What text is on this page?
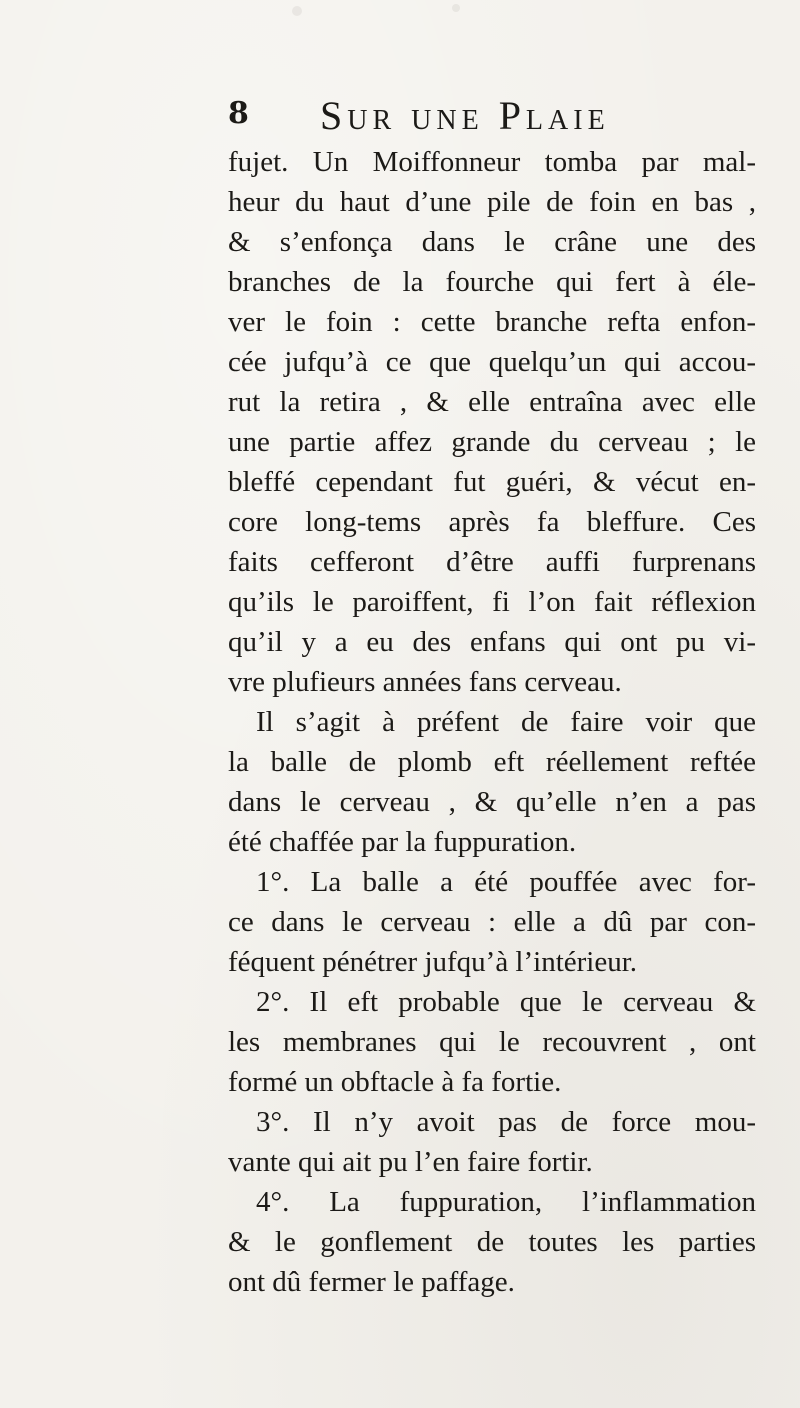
8 Sur une Plaie
fujet. Un Moiffonneur tomba par mal-
heur du haut d’une pile de foin en bas ,
& s’enfonça dans le crâne une des
branches de la fourche qui fert à éle-
ver le foin : cette branche refta enfon-
cée jufqu’à ce que quelqu’un qui accou-
rut la retira , & elle entraîna avec elle
une partie affez grande du cerveau ; le
bleffé cependant fut guéri, & vécut en-
core long-tems après fa bleffure. Ces
faits cefferont d’être auffi furprenans
qu’ils le paroiffent, fi l’on fait réflexion
qu’il y a eu des enfans qui ont pu vi-
vre plufieurs années fans cerveau.
Il s’agit à préfent de faire voir que
la balle de plomb eft réellement reftée
dans le cerveau , & qu’elle n’en a pas
été chaffée par la fuppuration.
1°. La balle a été pouffée avec for-
ce dans le cerveau : elle a dû par con-
féquent pénétrer jufqu’à l’intérieur.
2°. Il eft probable que le cerveau &
les membranes qui le recouvrent , ont
formé un obftacle à fa fortie.
3°. Il n’y avoit pas de force mou-
vante qui ait pu l’en faire fortir.
4°. La fuppuration, l’inflammation
& le gonflement de toutes les parties
ont dû fermer le paffage.
